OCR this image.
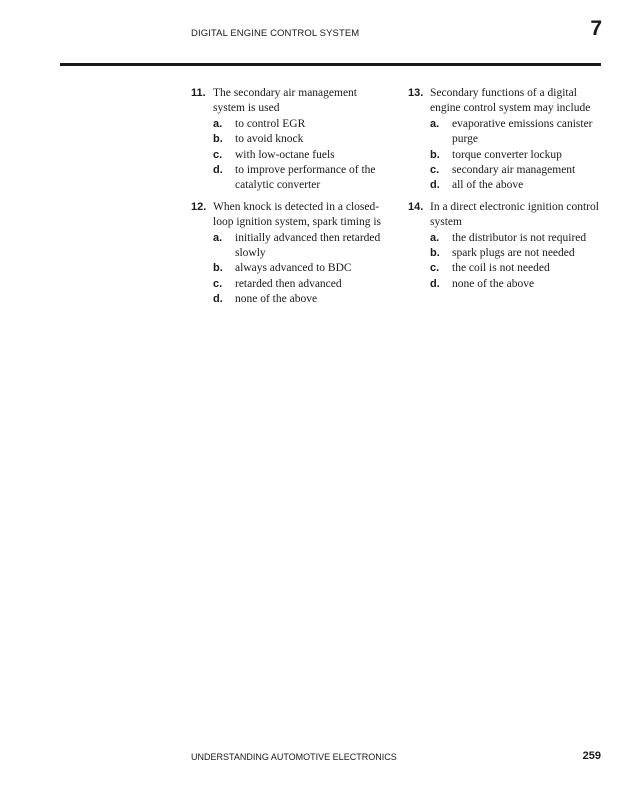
DIGITAL ENGINE CONTROL SYSTEM	7
11. The secondary air management system is used
a. to control EGR
b. to avoid knock
c. with low-octane fuels
d. to improve performance of the catalytic converter
12. When knock is detected in a closed-loop ignition system, spark timing is
a. initially advanced then retarded slowly
b. always advanced to BDC
c. retarded then advanced
d. none of the above
13. Secondary functions of a digital engine control system may include
a. evaporative emissions canister purge
b. torque converter lockup
c. secondary air management
d. all of the above
14. In a direct electronic ignition control system
a. the distributor is not required
b. spark plugs are not needed
c. the coil is not needed
d. none of the above
UNDERSTANDING AUTOMOTIVE ELECTRONICS	259
